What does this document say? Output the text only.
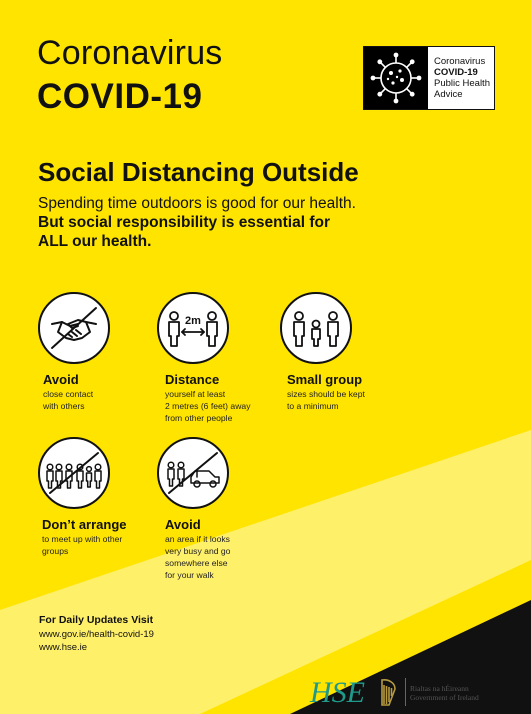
Coronavirus
COVID-19
Coronavirus
COVID-19
Public Health
Advice
Social Distancing Outside
Spending time outdoors is good for our health.
But social responsibility is essential for
ALL our health.
Avoid
close contact
with others
2m
Distance
yourself at least
2 metres (6 feet) away
from other people
Small group
sizes should be kept
to a minimum
Don’t arrange
to meet up with other
groups
Avoid
an area if it looks
very busy and go
somewhere else
for your walk
For Daily Updates Visit
www.gov.ie/health-covid-19
www.hse.ie
HSE	Rialtas na hÉireann
Government of Ireland
